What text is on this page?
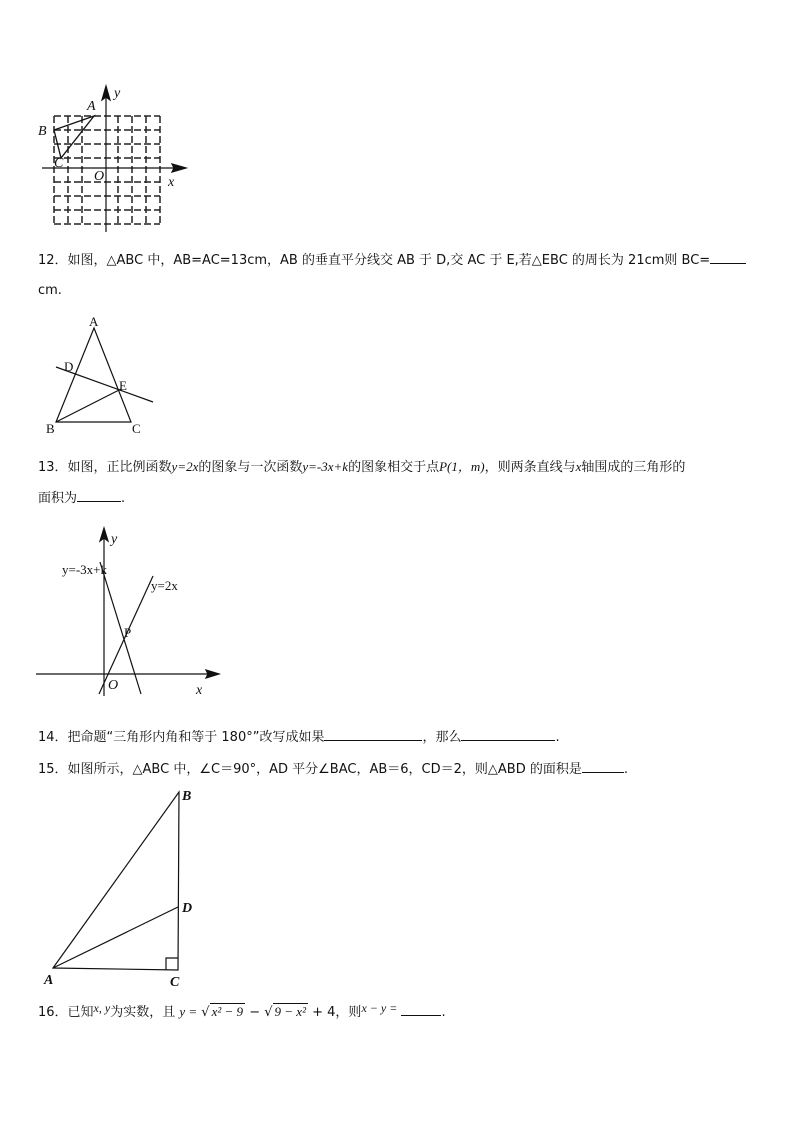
A
B
C
O	x
y
12．如图，△ABC 中，AB=AC=13cm，AB 的垂直平分线交 AB 于 D,交 AC 于 E,若△EBC 的周长为 21cm则 BC=
cm.
A
D
E
B	C
13．如图，正比例函数y=2x的图象与一次函数y=-3x+k的图象相交于点P(1，m)，则两条直线与x轴围成的三角形的
面积为	.
y
x
O
P
y=-3x+k
y=2x
14．把命题“三角形内角和等于 180°”改写成如果	，那么	.
15．如图所示，△ABC 中，∠C＝90°，AD 平分∠BAC，AB＝6，CD＝2，则△ABD 的面积是	.
B
D
A	C
16．已知x, y为实数，且 y = √ x² − 9 − √ 9 − x² + 4，则x − y =	.
